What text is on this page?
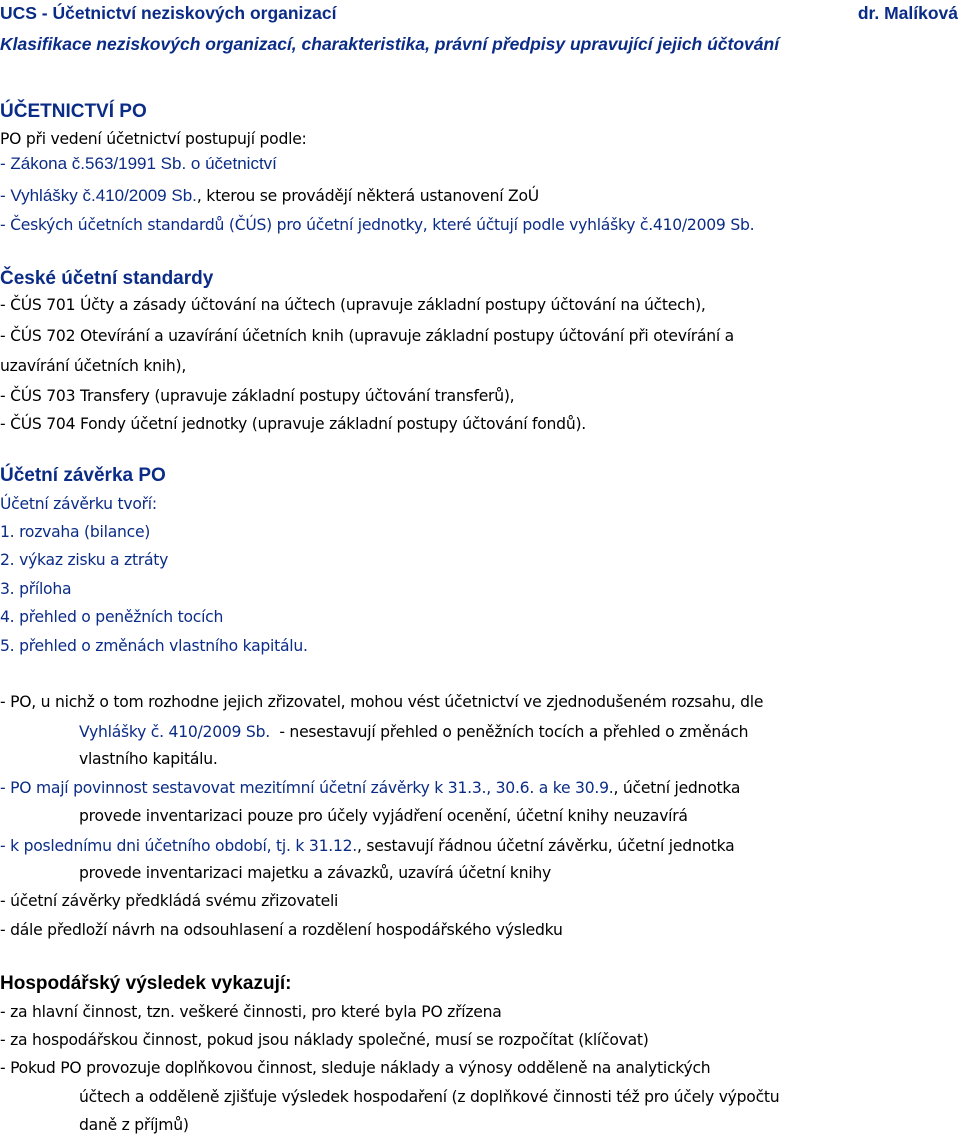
UCS - Účetnictví neziskových organizací	dr. Malíková
Klasifikace neziskových organizací, charakteristika, právní předpisy upravující jejich účtování
ÚČETNICTVÍ PO
PO při vedení účetnictví postupují podle:
- Zákona č.563/1991 Sb. o účetnictví
- Vyhlášky č.410/2009 Sb., kterou se provádějí některá ustanovení ZoÚ
- Českých účetních standardů (ČÚS) pro účetní jednotky, které účtují podle vyhlášky č.410/2009 Sb.
České účetní standardy
- ČÚS 701 Účty a zásady účtování na účtech (upravuje základní postupy účtování na účtech),
- ČÚS 702 Otevírání a uzavírání účetních knih (upravuje základní postupy účtování při otevírání a
uzavírání účetních knih),
- ČÚS 703 Transfery (upravuje základní postupy účtování transferů),
- ČÚS 704 Fondy účetní jednotky (upravuje základní postupy účtování fondů).
Účetní závěrka PO
Účetní závěrku tvoří:
1. rozvaha (bilance)
2. výkaz zisku a ztráty
3. příloha
4. přehled o peněžních tocích
5. přehled o změnách vlastního kapitálu.
- PO, u nichž o tom rozhodne jejich zřizovatel, mohou vést účetnictví ve zjednodušeném rozsahu, dle
Vyhlášky č. 410/2009 Sb.  - nesestavují přehled o peněžních tocích a přehled o změnách
vlastního kapitálu.
- PO mají povinnost sestavovat mezitímní účetní závěrky k 31.3., 30.6. a ke 30.9., účetní jednotka
provede inventarizaci pouze pro účely vyjádření ocenění, účetní knihy neuzavírá
- k poslednímu dni účetního období, tj. k 31.12., sestavují řádnou účetní závěrku, účetní jednotka
provede inventarizaci majetku a závazků, uzavírá účetní knihy
- účetní závěrky předkládá svému zřizovateli
- dále předloží návrh na odsouhlasení a rozdělení hospodářského výsledku
Hospodářský výsledek vykazují:
- za hlavní činnost, tzn. veškeré činnosti, pro které byla PO zřízena
- za hospodářskou činnost, pokud jsou náklady společné, musí se rozpočítat (klíčovat)
- Pokud PO provozuje doplňkovou činnost, sleduje náklady a výnosy odděleně na analytických
účtech a odděleně zjišťuje výsledek hospodaření (z doplňkové činnosti též pro účely výpočtu
daně z příjmů)
